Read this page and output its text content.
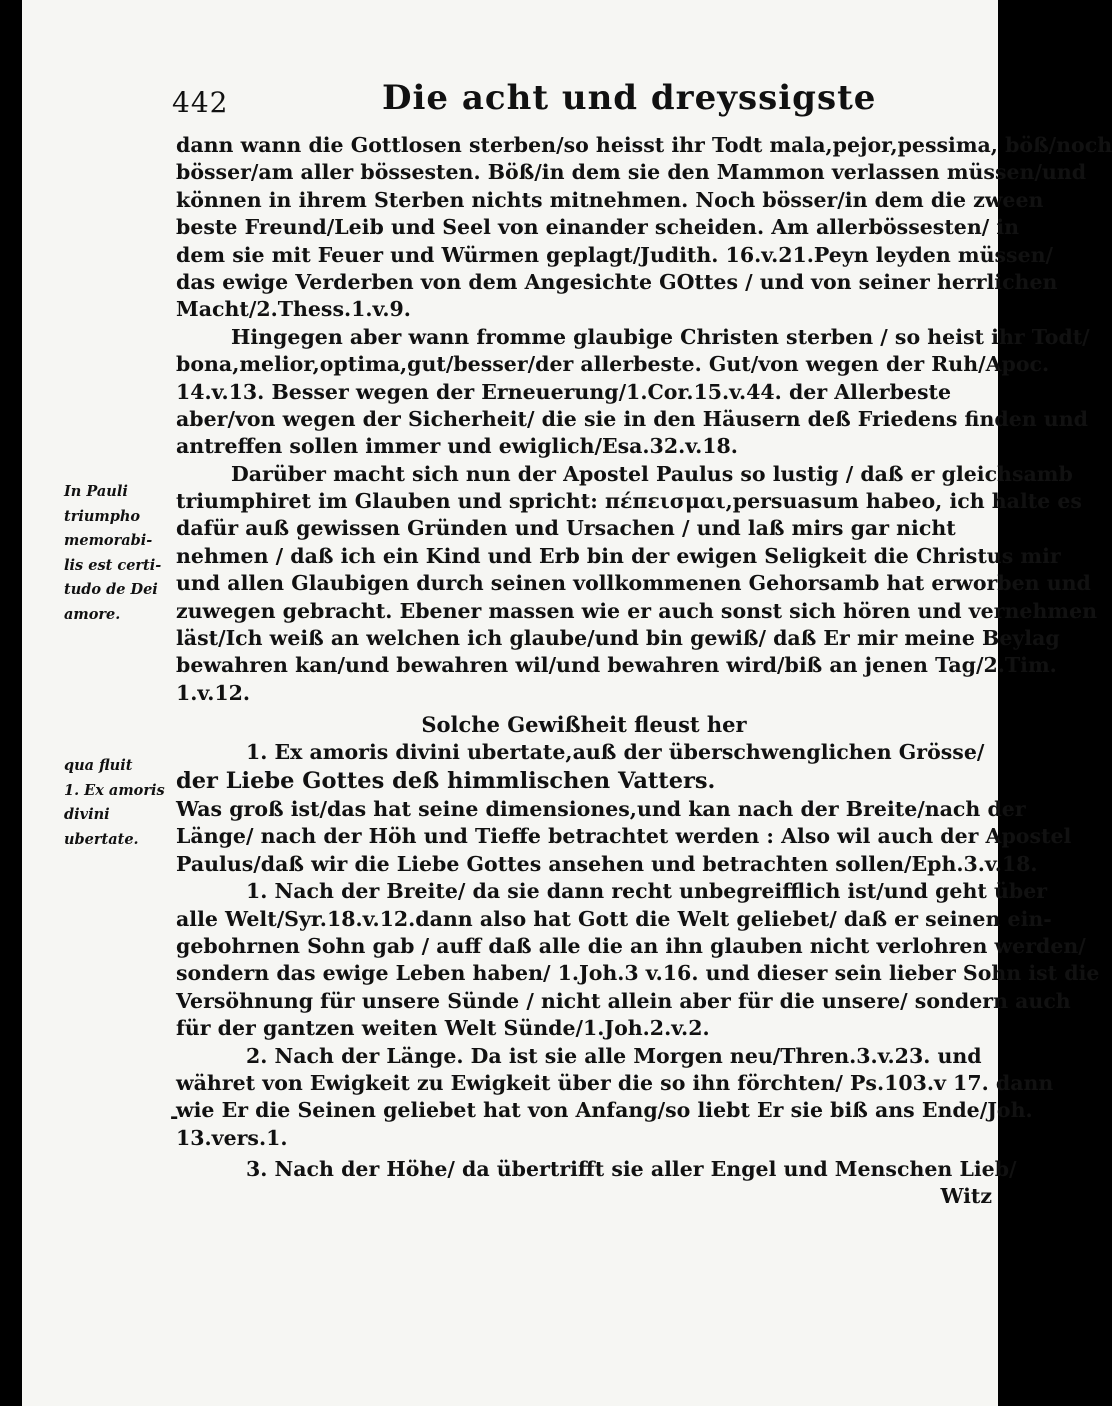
442	Die acht und dreyssigste
dann wann die Gottlosen sterben/so heisst ihr Todt mala,pejor,pessima, böß/noch
bösser/am aller bössesten. Böß/in dem sie den Mammon verlassen müssen/und
können in ihrem Sterben nichts mitnehmen. Noch bösser/in dem die zween
beste Freund/Leib und Seel von einander scheiden. Am allerbössesten/ in
dem sie mit Feuer und Würmen geplagt/Judith. 16.v.21.Peyn leyden müssen/
das ewige Verderben von dem Angesichte GOttes / und von seiner herrlichen
Macht/2.Thess.1.v.9.
Hingegen aber wann fromme glaubige Christen sterben / so heist ihr Todt/
bona,melior,optima,gut/besser/der allerbeste. Gut/von wegen der Ruh/Apoc.
14.v.13. Besser wegen der Erneuerung/1.Cor.15.v.44. der Allerbeste
aber/von wegen der Sicherheit/ die sie in den Häusern deß Friedens finden und
antreffen sollen immer und ewiglich/Esa.32.v.18.
Darüber macht sich nun der Apostel Paulus so lustig / daß er gleichsamb
triumphiret im Glauben und spricht: πέπεισμαι,persuasum habeo, ich halte es
dafür auß gewissen Gründen und Ursachen / und laß mirs gar nicht
nehmen / daß ich ein Kind und Erb bin der ewigen Seligkeit die Christus mir
und allen Glaubigen durch seinen vollkommenen Gehorsamb hat erworben und
zuwegen gebracht. Ebener massen wie er auch sonst sich hören und vernehmen
läst/Ich weiß an welchen ich glaube/und bin gewiß/ daß Er mir meine Beylag
bewahren kan/und bewahren wil/und bewahren wird/biß an jenen Tag/2.Tim.
1.v.12.
Solche Gewißheit fleust her
1. Ex amoris divini ubertate,auß der überschwenglichen Grösse/
der Liebe Gottes deß himmlischen Vatters.
Was groß ist/das hat seine dimensiones,und kan nach der Breite/nach der
Länge/ nach der Höh und Tieffe betrachtet werden : Also wil auch der Apostel
Paulus/daß wir die Liebe Gottes ansehen und betrachten sollen/Eph.3.v.18.
1. Nach der Breite/ da sie dann recht unbegreifflich ist/und geht über
alle Welt/Syr.18.v.12.dann also hat Gott die Welt geliebet/ daß er seinen ein-
gebohrnen Sohn gab / auff daß alle die an ihn glauben nicht verlohren werden/
sondern das ewige Leben haben/ 1.Joh.3 v.16. und dieser sein lieber Sohn ist die
Versöhnung für unsere Sünde / nicht allein aber für die unsere/ sondern auch
für der gantzen weiten Welt Sünde/1.Joh.2.v.2.
2. Nach der Länge. Da ist sie alle Morgen neu/Thren.3.v.23. und
währet von Ewigkeit zu Ewigkeit über die so ihn förchten/ Ps.103.v 17. dann
wie Er die Seinen geliebet hat von Anfang/so liebt Er sie biß ans Ende/Joh.
13.vers.1.
3. Nach der Höhe/ da übertrifft sie aller Engel und Menschen Lieb/
Witz
In Pauli
triumpho
memorabi-
lis est certi-
tudo de Dei
amore.
qua fluit
1. Ex amoris
divini
ubertate.
-
